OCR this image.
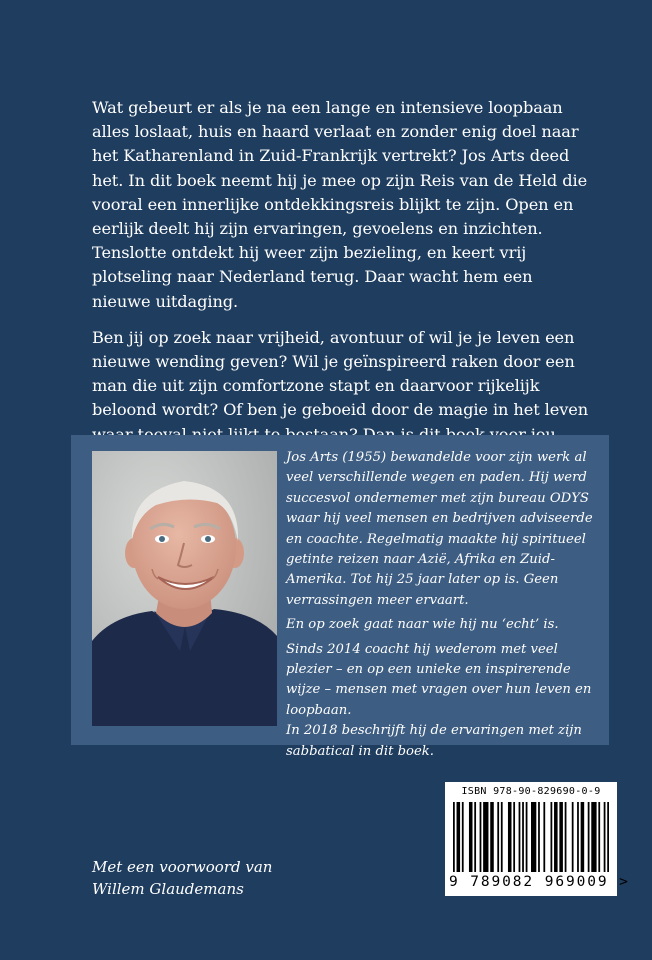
Wat gebeurt er als je na een lange en intensieve loopbaan alles loslaat, huis en haard verlaat en zonder enig doel naar het Katharenland in Zuid-Frankrijk vertrekt? Jos Arts deed het. In dit boek neemt hij je mee op zijn Reis van de Held die vooral een innerlijke ontdekkingsreis blijkt te zijn. Open en eerlijk deelt hij zijn ervaringen, gevoelens en inzichten. Tenslotte ontdekt hij weer zijn bezieling, en keert vrij plotseling naar Nederland terug. Daar wacht hem een nieuwe uitdaging.

Ben jij op zoek naar vrijheid, avontuur of wil je je leven een nieuwe wending geven? Wil je geïnspireerd raken door een man die uit zijn comfortzone stapt en daarvoor rijkelijk beloond wordt? Of ben je geboeid door de magie in het leven

Jos Arts (1955) bewandelde voor zijn werk al veel verschillende wegen en paden. Hij werd succesvol ondernemer met zijn bureau ODYS waar hij veel mensen en bedrijven adviseerde en coachte. Regelmatig maakte hij spiritueel getinte reizen naar Azië, Afrika en Zuid-Amerika. Tot hij 25 jaar later op is. Geen verrassingen meer ervaart.

En op zoek gaat naar wie hij nu ‘echt’ is.

Sinds 2014 coacht hij wederom met veel plezier – en op een unieke en inspirerende wijze – mensen met vragen over hun leven en loopbaan.

In 2018 beschrijft hij de ervaringen met zijn sabbatical in dit boek.

ISBN 978-90-829690-0-9
9 789082 969009 >
Met een voorwoord van
Willem Glaudemans
